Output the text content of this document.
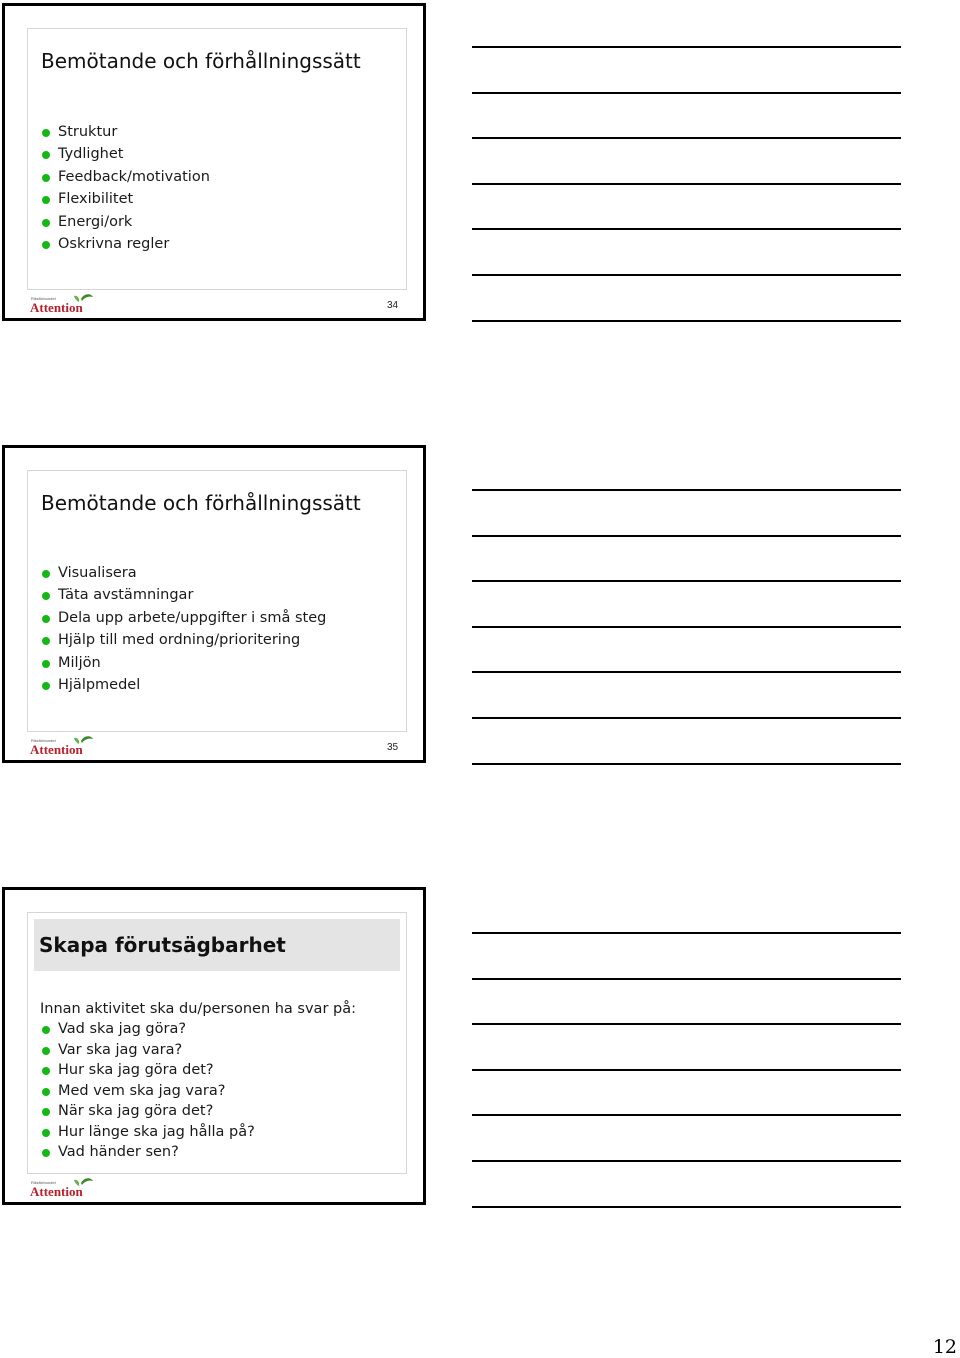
Bemötande och förhållningssätt
Struktur
Tydlighet
Feedback/motivation
Flexibilitet
Energi/ork
Oskrivna regler
Riksförbundet
Attention	34
Bemötande och förhållningssätt
Visualisera
Täta avstämningar
Dela upp arbete/uppgifter i små steg
Hjälp till med ordning/prioritering
Miljön
Hjälpmedel
Riksförbundet
Attention	35
Skapa förutsägbarhet
Innan aktivitet ska du/personen ha svar på:
Vad ska jag göra?
Var ska jag vara?
Hur ska jag göra det?
Med vem ska jag vara?
När ska jag göra det?
Hur länge ska jag hålla på?
Vad händer sen?
Riksförbundet
Attention
12
